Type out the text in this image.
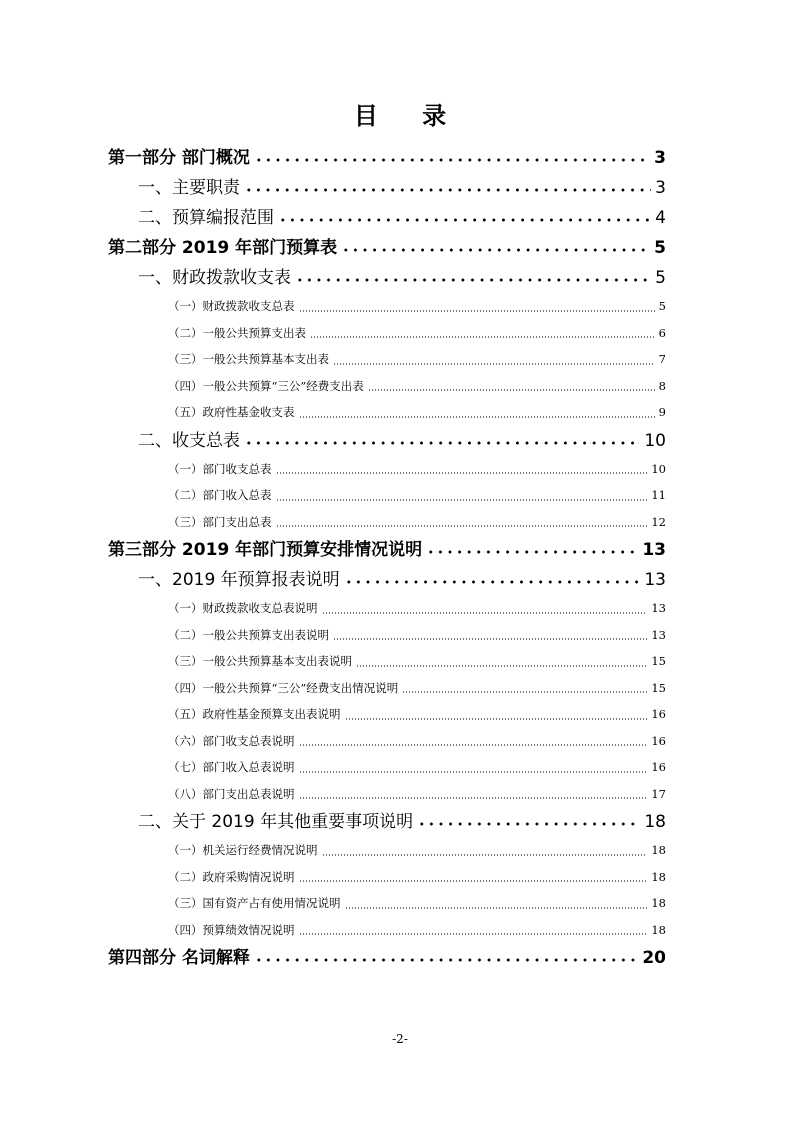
目 录
第一部分 部门概况	3
一、主要职责	3
二、预算编报范围	4
第二部分 2019 年部门预算表	5
一、财政拨款收支表	5
（一）财政拨款收支总表	5
（二）一般公共预算支出表	6
（三）一般公共预算基本支出表	7
（四）一般公共预算“三公”经费支出表	8
（五）政府性基金收支表	9
二、收支总表	10
（一）部门收支总表	10
（二）部门收入总表	11
（三）部门支出总表	12
第三部分 2019 年部门预算安排情况说明	13
一、2019 年预算报表说明	13
（一）财政拨款收支总表说明	13
（二）一般公共预算支出表说明	13
（三）一般公共预算基本支出表说明	15
（四）一般公共预算“三公”经费支出情况说明	15
（五）政府性基金预算支出表说明	16
（六）部门收支总表说明	16
（七）部门收入总表说明	16
（八）部门支出总表说明	17
二、关于 2019 年其他重要事项说明	18
（一）机关运行经费情况说明	18
（二）政府采购情况说明	18
（三）国有资产占有使用情况说明	18
（四）预算绩效情况说明	18
第四部分 名词解释	20
-2-
